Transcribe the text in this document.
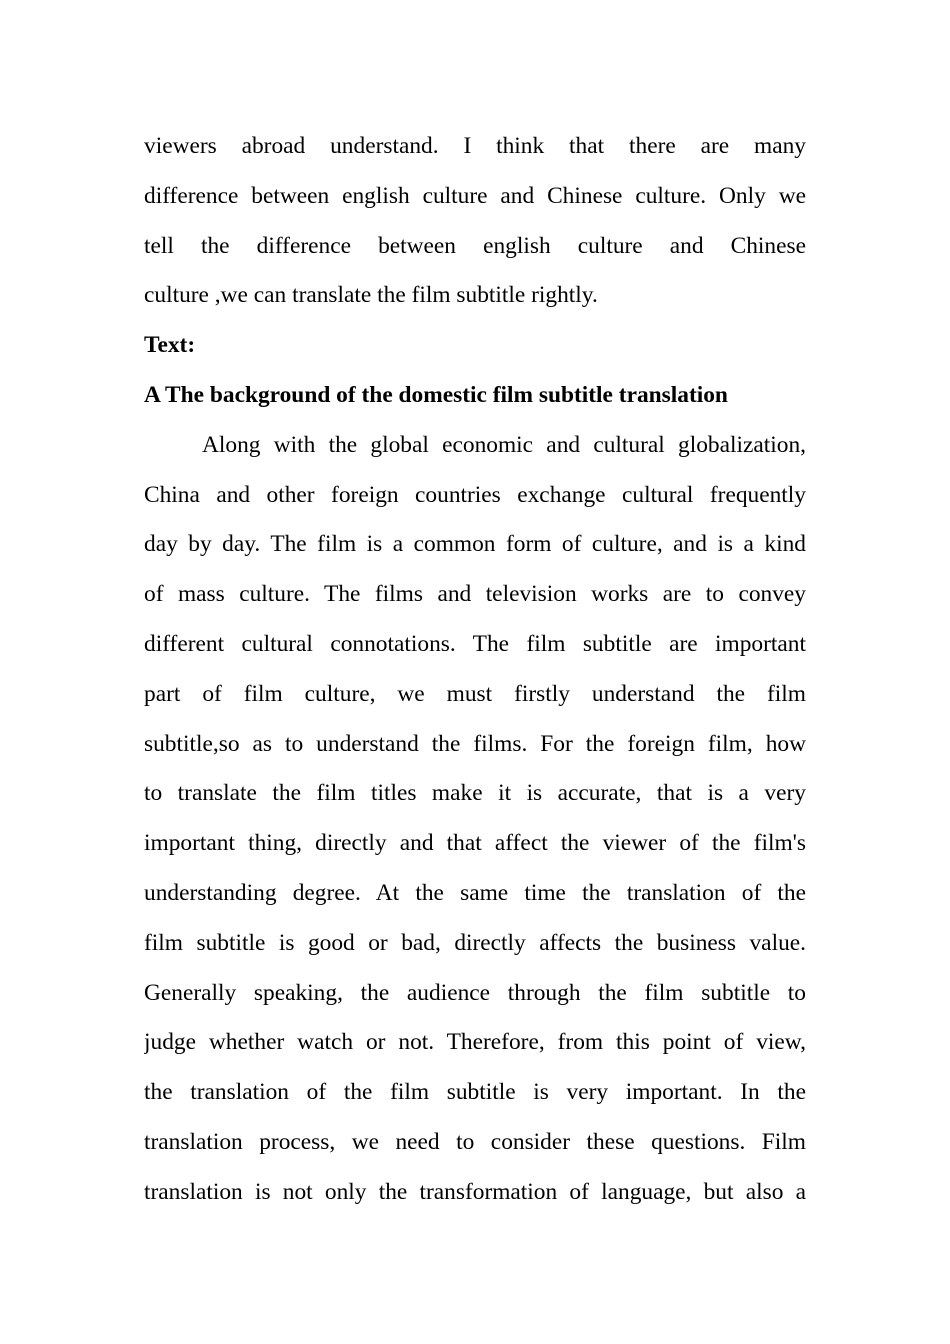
viewers abroad understand. I think that there are many
difference between english culture and Chinese culture. Only we
tell the difference between english culture and Chinese
culture ,we can translate the film subtitle rightly.
Text:
A The background of the domestic film subtitle translation
Along with the global economic and cultural globalization,
China and other foreign countries exchange cultural frequently
day by day. The film is a common form of culture, and is a kind
of mass culture. The films and television works are to convey
different cultural connotations. The film subtitle are important
part of film culture, we must firstly understand the film
subtitle,so as to understand the films. For the foreign film, how
to translate the film titles make it is accurate, that is a very
important thing, directly and that affect the viewer of the film's
understanding degree. At the same time the translation of the
film subtitle is good or bad, directly affects the business value.
Generally speaking, the audience through the film subtitle to
judge whether watch or not. Therefore, from this point of view,
the translation of the film subtitle is very important. In the
translation process, we need to consider these questions. Film
translation is not only the transformation of language, but also a
